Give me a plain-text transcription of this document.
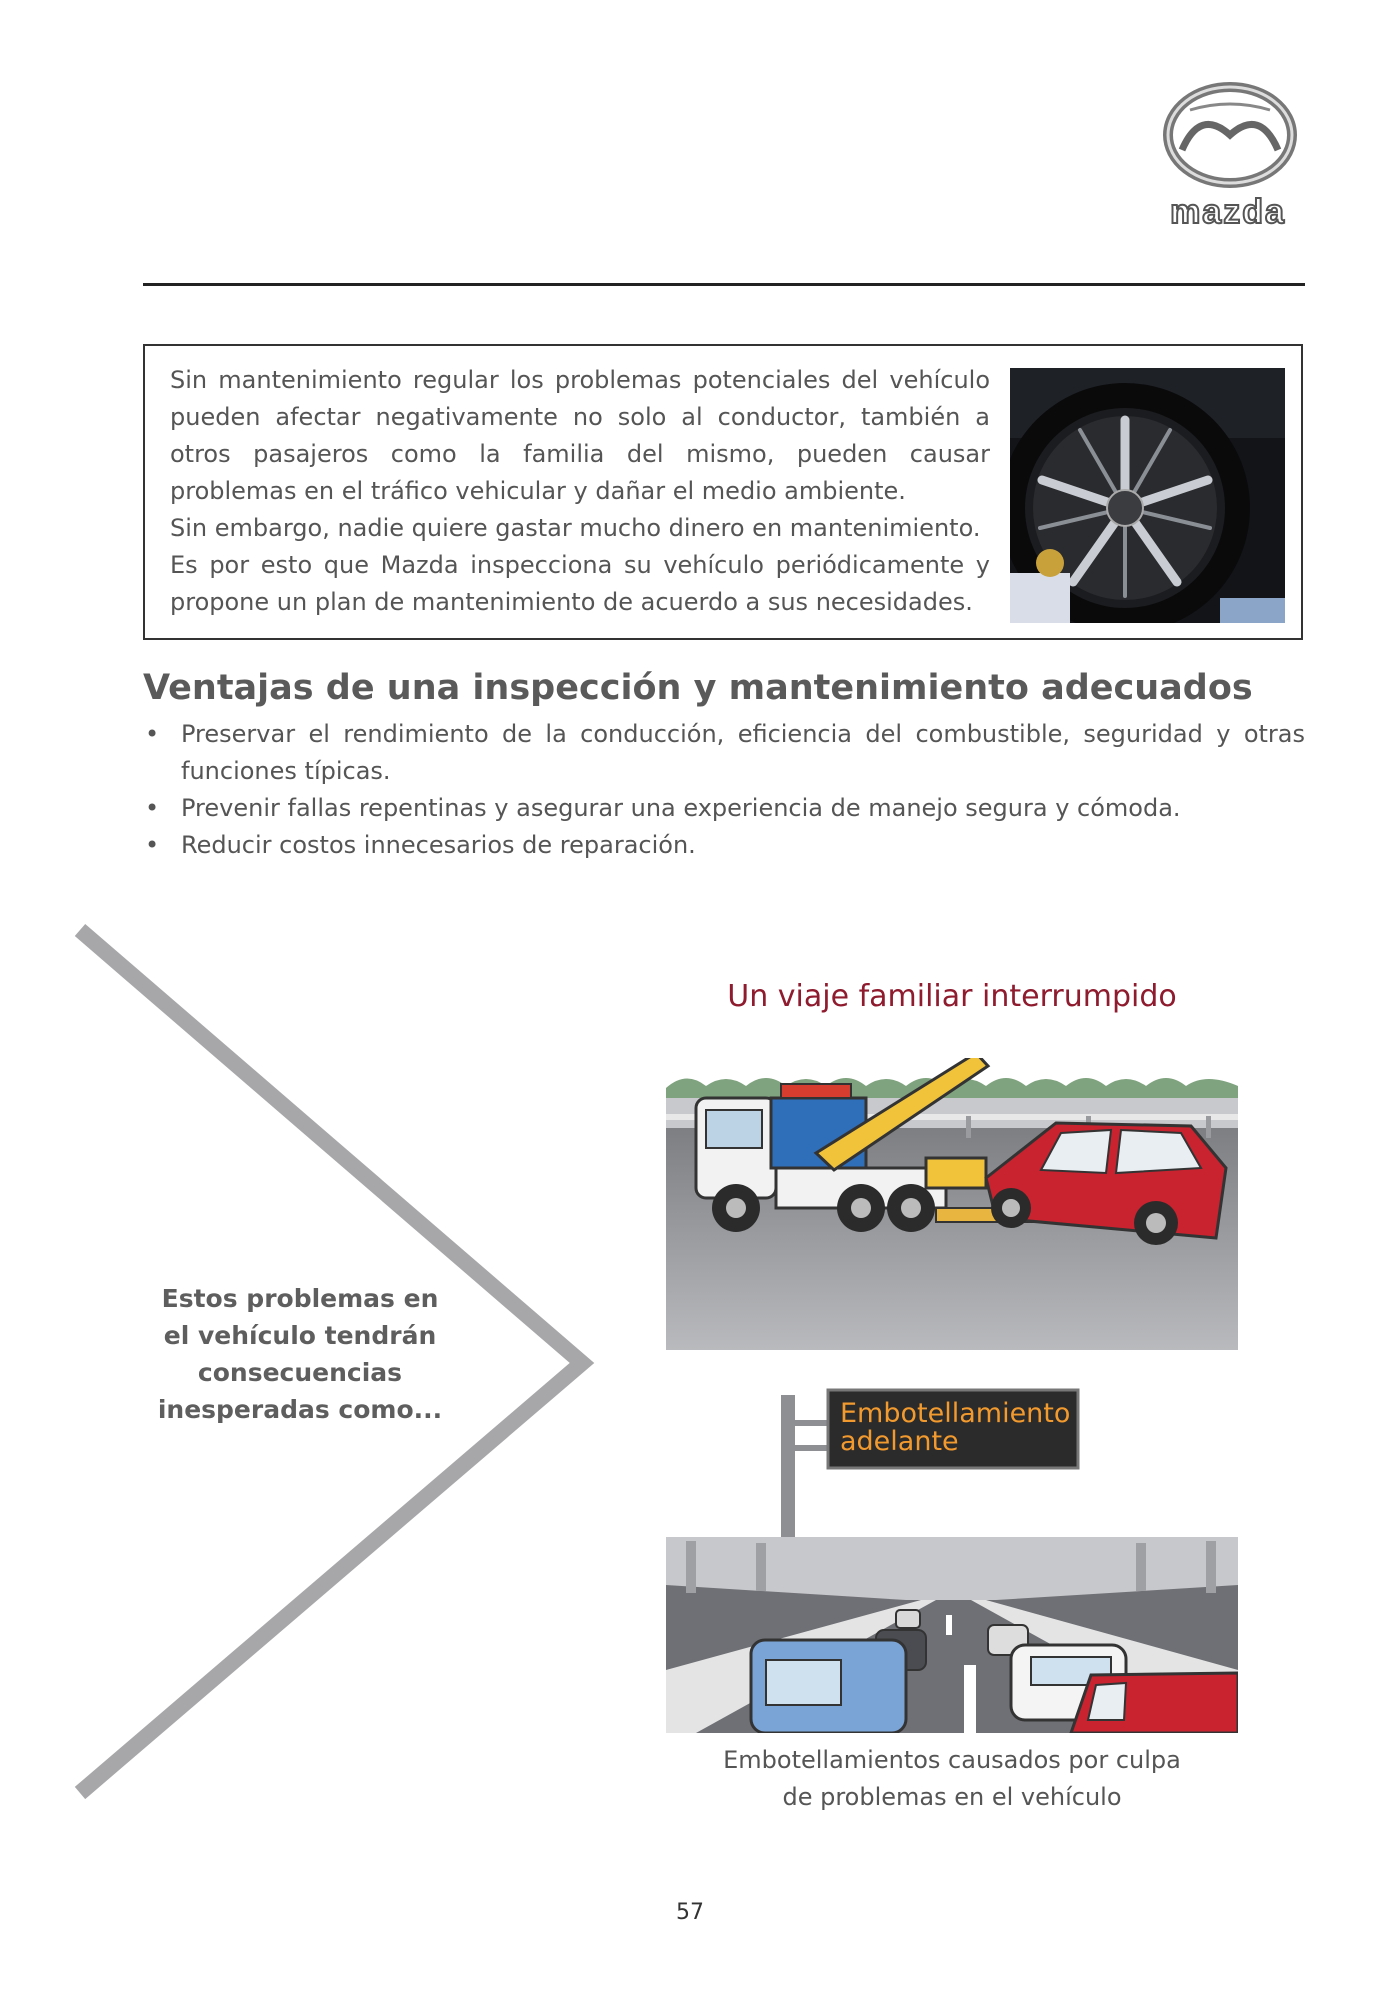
mazda

Sin mantenimiento regular los problemas potenciales del vehículo pueden afectar negativamente no solo al conductor, también a otros pasajeros como la familia del mismo, pueden causar problemas en el tráfico vehicular y dañar el medio ambiente.

Sin embargo, nadie quiere gastar mucho dinero en mantenimiento.

Es por esto que Mazda inspecciona su vehículo periódicamente y propone un plan de mantenimiento de acuerdo a sus necesidades.

Ventajas de una inspección y mantenimiento adecuados
• Preservar el rendimiento de la conducción, eficiencia del combustible, seguridad y otras funciones típicas.
• Prevenir fallas repentinas y asegurar una experiencia de manejo segura y cómoda.
• Reducir costos innecesarios de reparación.
Estos problemas en
el vehículo tendrán
consecuencias
inesperadas como...
Un viaje familiar interrumpido
Embotellamiento
adelante
Embotellamientos causados por culpa
de problemas en el vehículo
57
